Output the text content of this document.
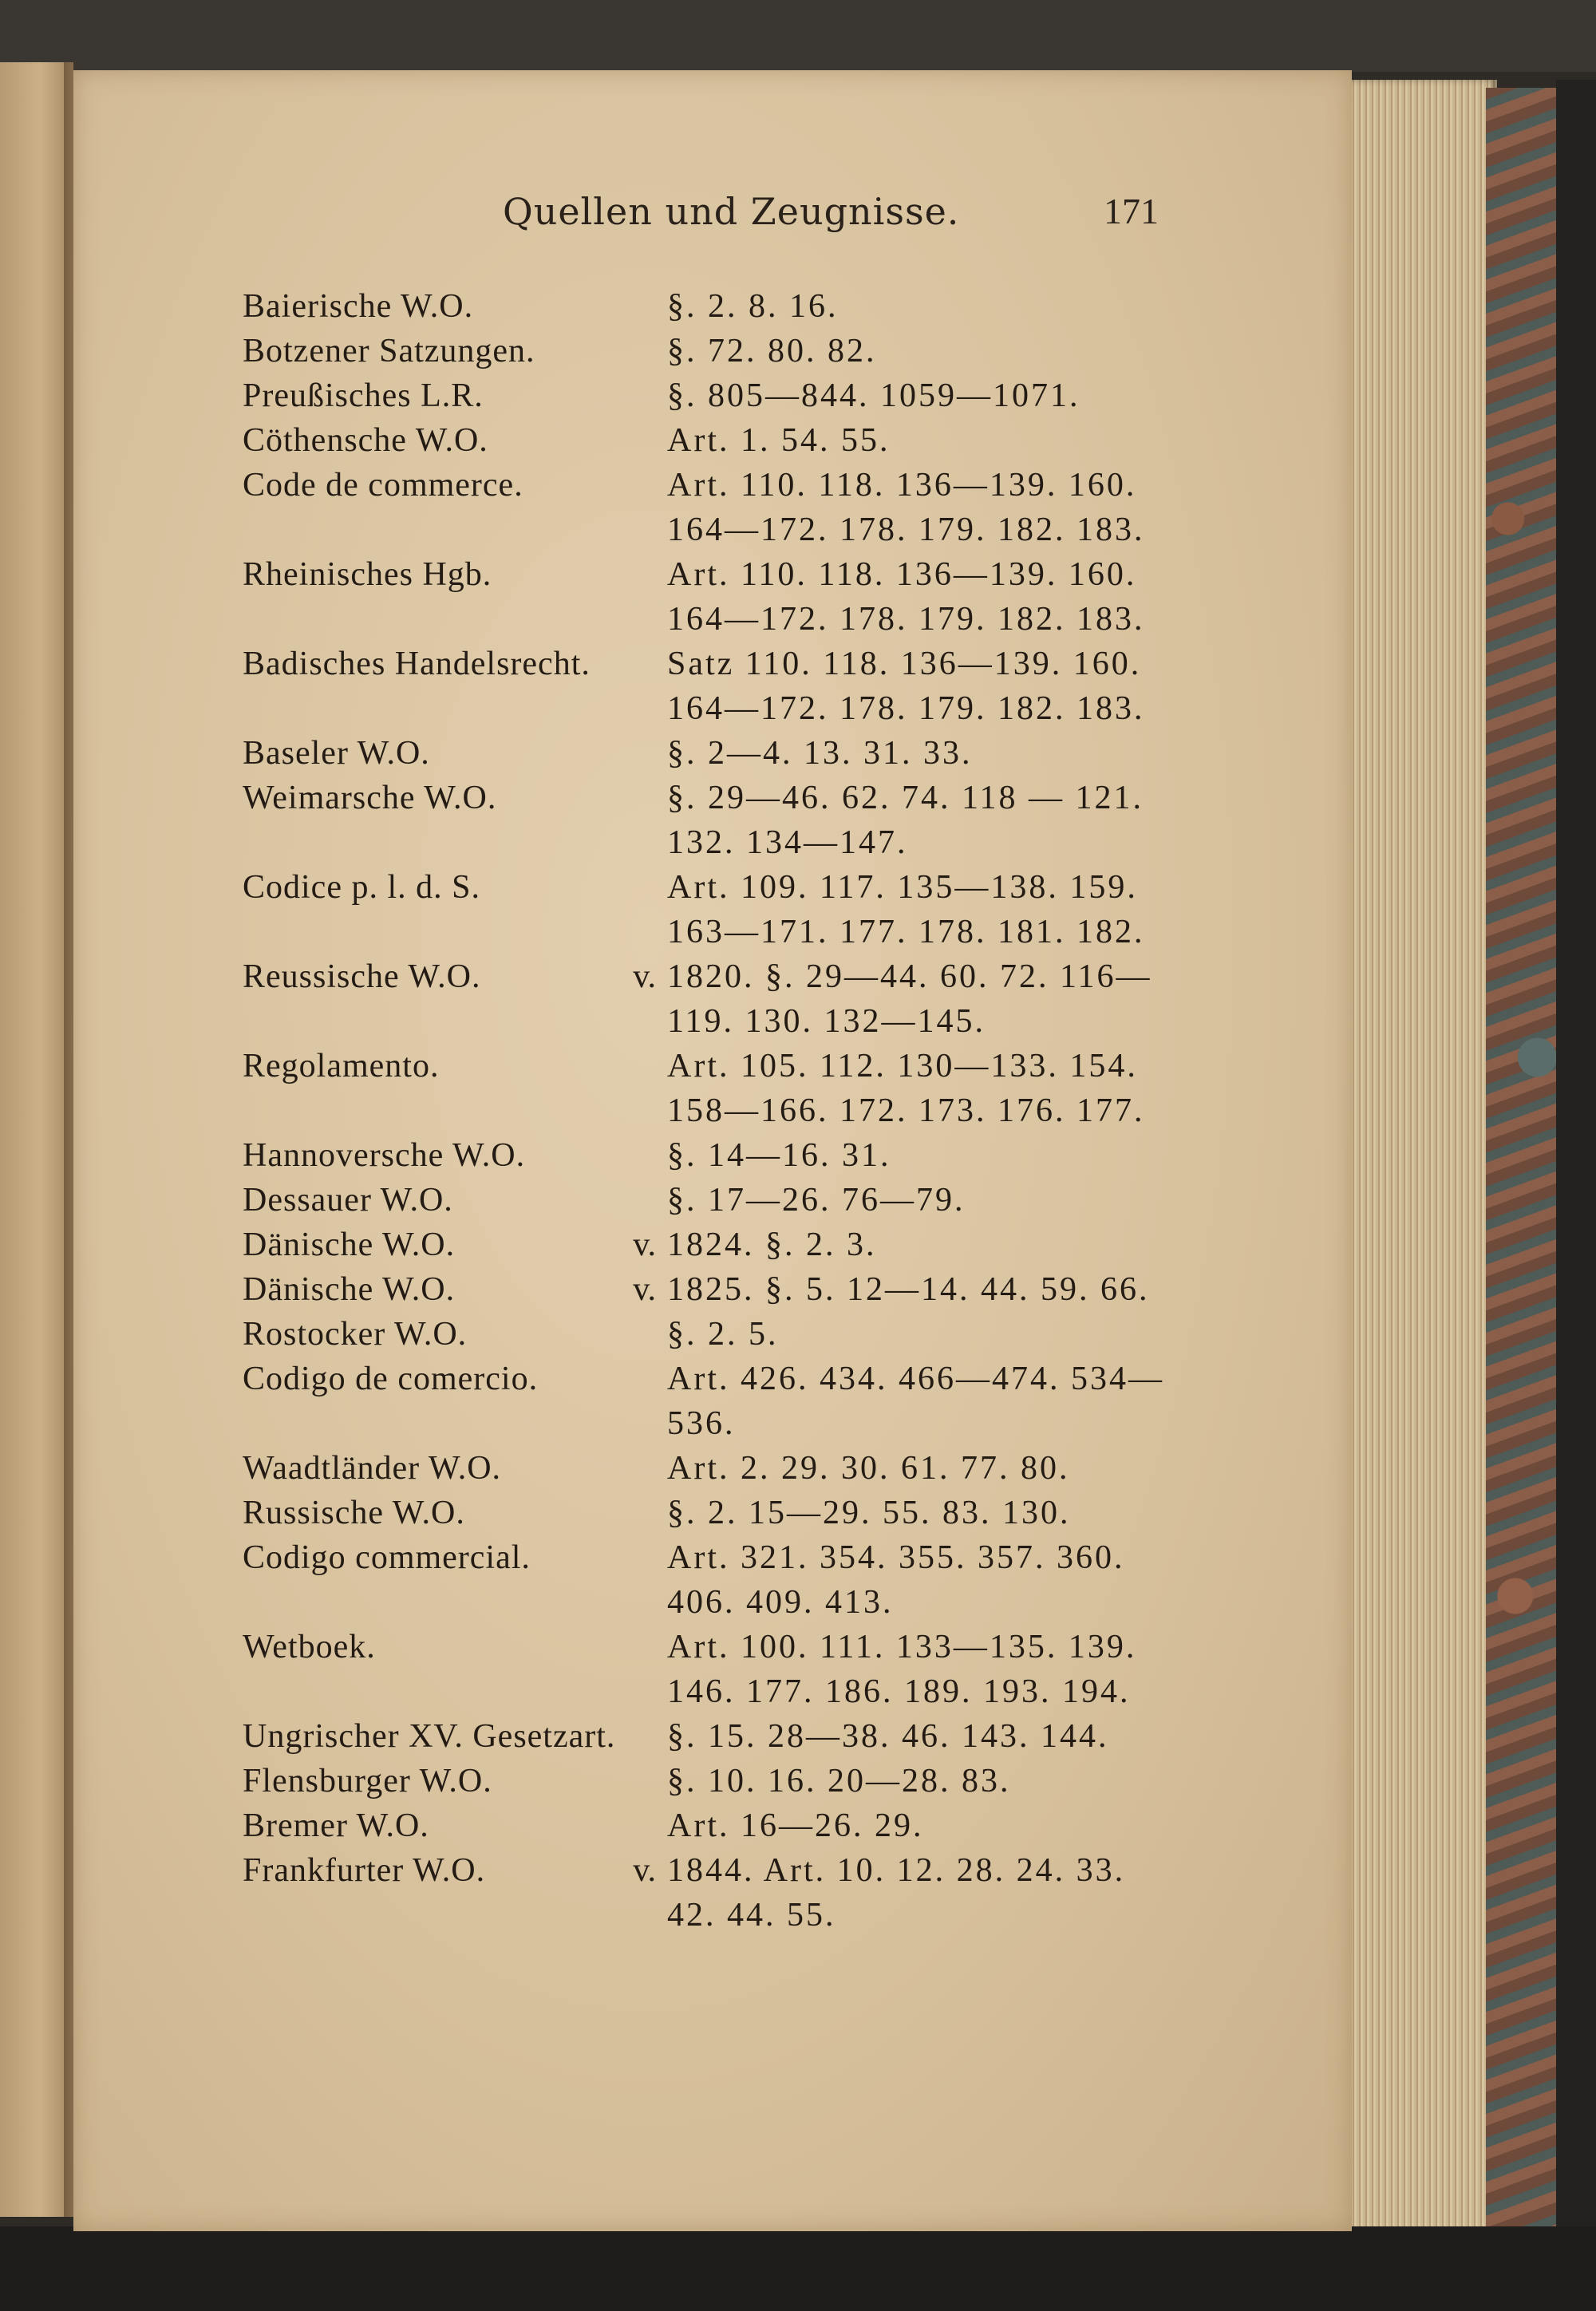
Quellen und Zeugnisse.	171
Baierische W.O.	§. 2. 8. 16.
Botzener Satzungen.	§. 72. 80. 82.
Preußisches L.R.	§. 805—844. 1059—1071.
Cöthensche W.O.	Art. 1. 54. 55.
Code de commerce.	Art. 110. 118. 136—139. 160.
164—172. 178. 179. 182. 183.
Rheinisches Hgb.	Art. 110. 118. 136—139. 160.
164—172. 178. 179. 182. 183.
Badisches Handelsrecht. Satz 110. 118. 136—139. 160.
164—172. 178. 179. 182. 183.
Baseler W.O.	§. 2—4. 13. 31. 33.
Weimarsche W.O.	§. 29—46. 62. 74. 118 — 121.
132. 134—147.
Codice p. l. d. S.	Art. 109. 117. 135—138. 159.
163—171. 177. 178. 181. 182.
Reussische W.O.	v. 1820. §. 29—44. 60. 72. 116—
119. 130. 132—145.
Regolamento.	Art. 105. 112. 130—133. 154.
158—166. 172. 173. 176. 177.
Hannoversche W.O.	§. 14—16. 31.
Dessauer W.O.	§. 17—26. 76—79.
Dänische W.O.	v. 1824. §. 2. 3.
Dänische W.O.	v. 1825. §. 5. 12—14. 44. 59. 66.
Rostocker W.O.	§. 2. 5.
Codigo de comercio.	Art. 426. 434. 466—474. 534—
536.
Waadtländer W.O.	Art. 2. 29. 30. 61. 77. 80.
Russische W.O.	§. 2. 15—29. 55. 83. 130.
Codigo commercial.	Art. 321. 354. 355. 357. 360.
406. 409. 413.
Wetboek.	Art. 100. 111. 133—135. 139.
146. 177. 186. 189. 193. 194.
Ungrischer XV. Gesetzart. §. 15. 28—38. 46. 143. 144.
Flensburger W.O.	§. 10. 16. 20—28. 83.
Bremer W.O.	Art. 16—26. 29.
Frankfurter W.O.	v. 1844. Art. 10. 12. 28. 24. 33.
42. 44. 55.
